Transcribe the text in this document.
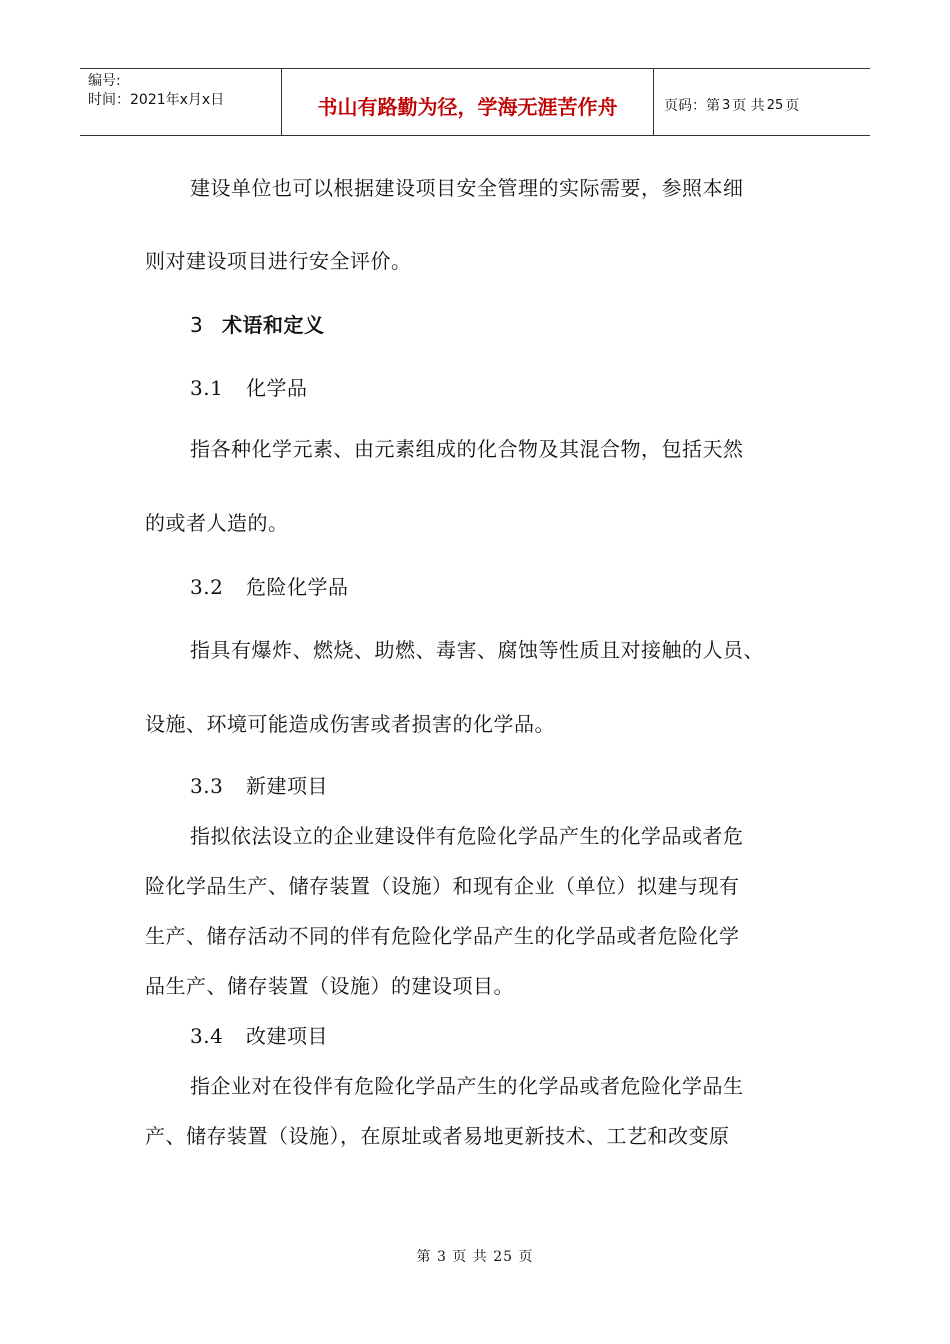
编号:
时间：2021年x月x日	书山有路勤为径，学海无涯苦作舟	页码：第 3 页 共 25 页
建设单位也可以根据建设项目安全管理的实际需要，参照本细
则对建设项目进行安全评价。
3 术语和定义
3.1 化学品
指各种化学元素、由元素组成的化合物及其混合物，包括天然
的或者人造的。
3.2 危险化学品
指具有爆炸、燃烧、助燃、毒害、腐蚀等性质且对接触的人员、
设施、环境可能造成伤害或者损害的化学品。
3.3 新建项目
指拟依法设立的企业建设伴有危险化学品产生的化学品或者危
险化学品生产、储存装置（设施）和现有企业（单位）拟建与现有
生产、储存活动不同的伴有危险化学品产生的化学品或者危险化学
品生产、储存装置（设施）的建设项目。
3.4 改建项目
指企业对在役伴有危险化学品产生的化学品或者危险化学品生
产、储存装置（设施），在原址或者易地更新技术、工艺和改变原
第 3 页 共 25 页
